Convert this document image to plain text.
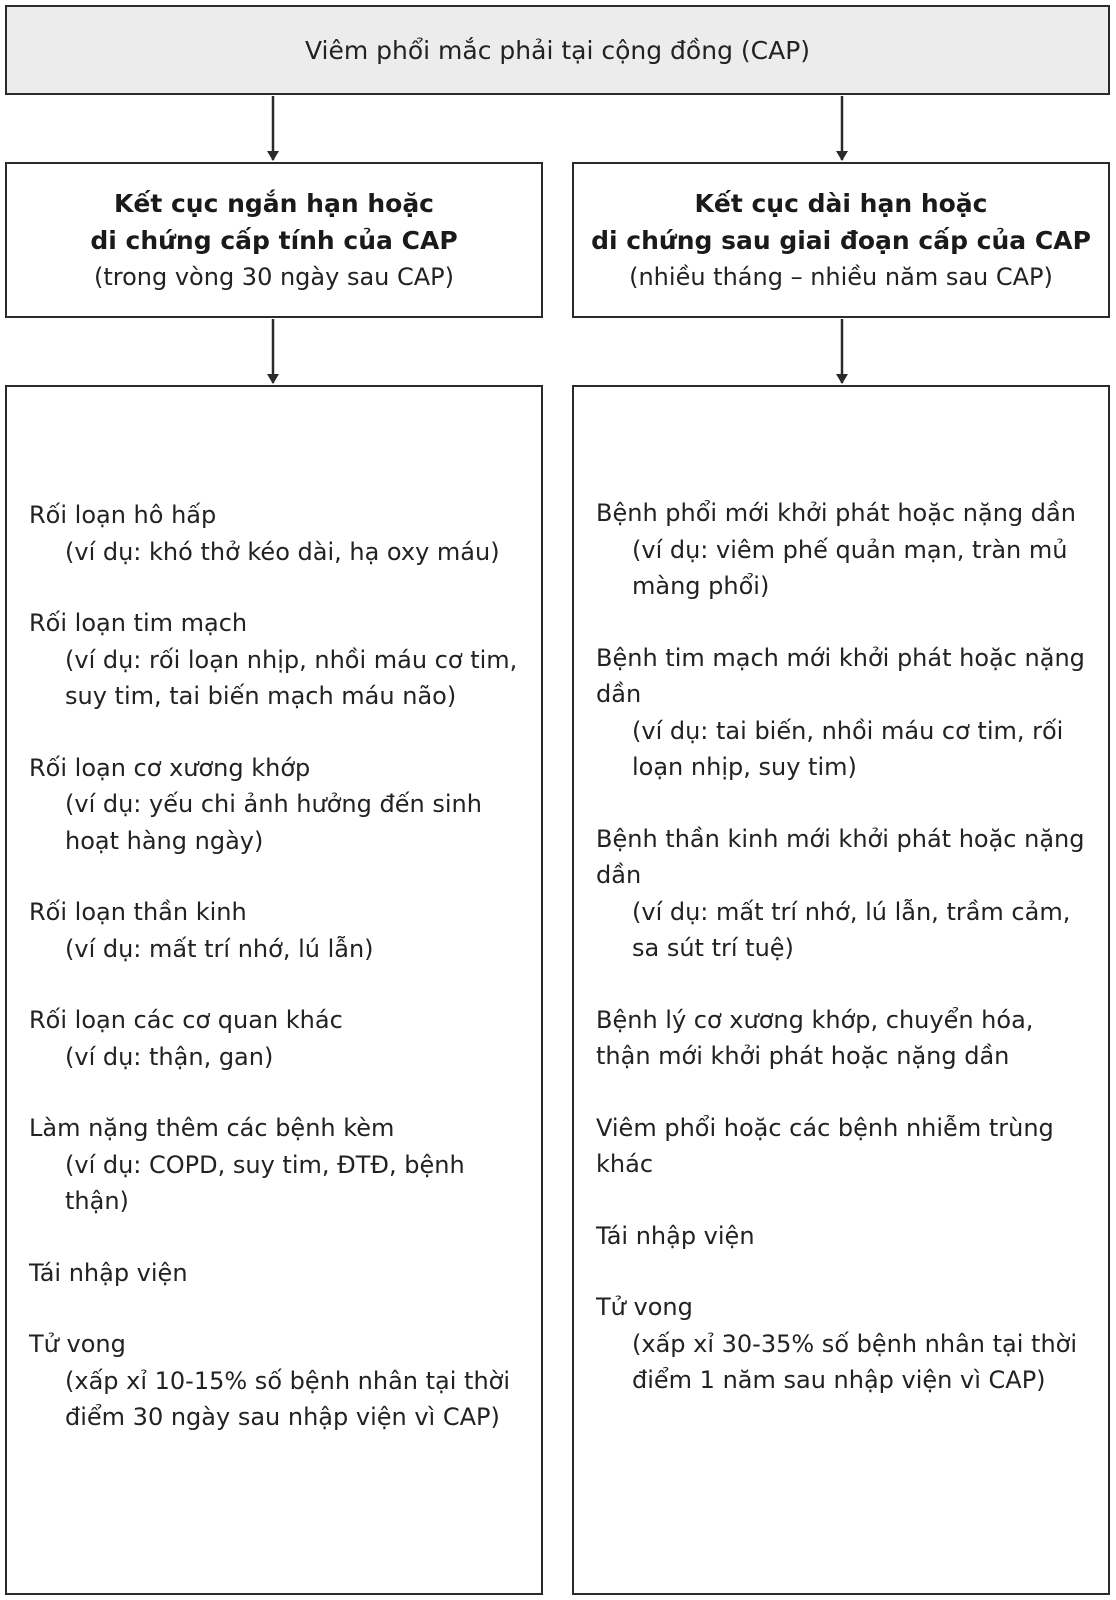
Viêm phổi mắc phải tại cộng đồng (CAP)
Kết cục ngắn hạn hoặc
di chứng cấp tính của CAP
(trong vòng 30 ngày sau CAP)
Kết cục dài hạn hoặc
di chứng sau giai đoạn cấp của CAP
(nhiều tháng – nhiều năm sau CAP)
Rối loạn hô hấp
(ví dụ: khó thở kéo dài, hạ oxy máu)
Rối loạn tim mạch
(ví dụ: rối loạn nhịp, nhồi máu cơ tim, suy tim, tai biến mạch máu não)
Rối loạn cơ xương khớp
(ví dụ: yếu chi ảnh hưởng đến sinh hoạt hàng ngày)
Rối loạn thần kinh
(ví dụ: mất trí nhớ, lú lẫn)
Rối loạn các cơ quan khác
(ví dụ: thận, gan)
Làm nặng thêm các bệnh kèm
(ví dụ: COPD, suy tim, ĐTĐ, bệnh thận)
Tái nhập viện
Tử vong
(xấp xỉ 10-15% số bệnh nhân tại thời điểm 30 ngày sau nhập viện vì CAP)
Bệnh phổi mới khởi phát hoặc nặng dần
(ví dụ: viêm phế quản mạn, tràn mủ màng phổi)
Bệnh tim mạch mới khởi phát hoặc nặng dần
(ví dụ: tai biến, nhồi máu cơ tim, rối loạn nhịp, suy tim)
Bệnh thần kinh mới khởi phát hoặc nặng dần
(ví dụ: mất trí nhớ, lú lẫn, trầm cảm, sa sút trí tuệ)
Bệnh lý cơ xương khớp, chuyển hóa, thận mới khởi phát hoặc nặng dần
Viêm phổi hoặc các bệnh nhiễm trùng khác
Tái nhập viện
Tử vong
(xấp xỉ 30-35% số bệnh nhân tại thời điểm 1 năm sau nhập viện vì CAP)
